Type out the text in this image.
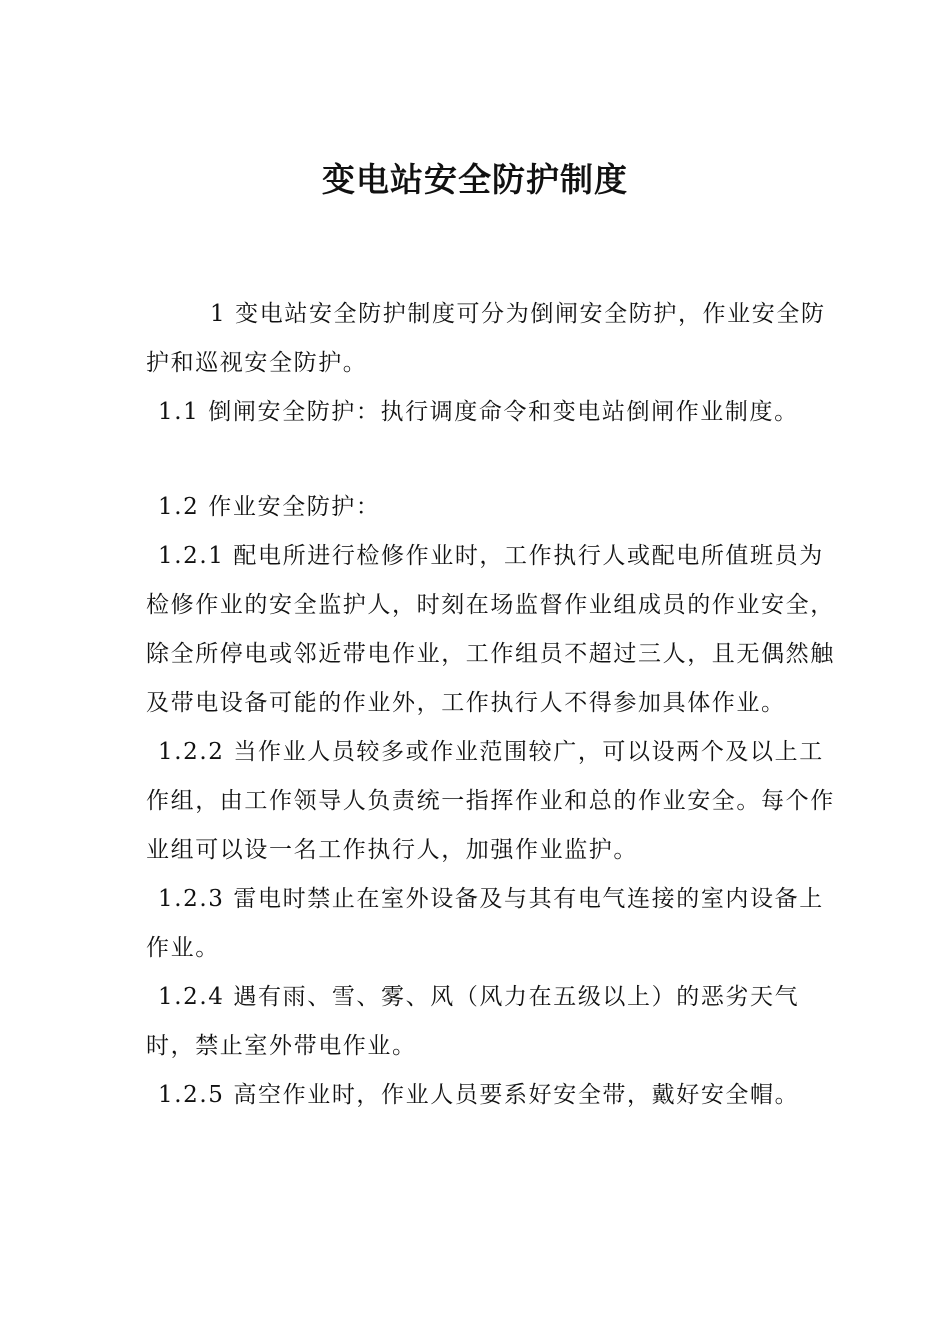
变电站安全防护制度

1 变电站安全防护制度可分为倒闸安全防护，作业安全防护和巡视安全防护。

1.1 倒闸安全防护：执行调度命令和变电站倒闸作业制度。

1.2 作业安全防护：

1.2.1 配电所进行检修作业时，工作执行人或配电所值班员为检修作业的安全监护人，时刻在场监督作业组成员的作业安全，除全所停电或邻近带电作业，工作组员不超过三人，且无偶然触及带电设备可能的作业外，工作执行人不得参加具体作业。

1.2.2 当作业人员较多或作业范围较广，可以设两个及以上工作组，由工作领导人负责统一指挥作业和总的作业安全。每个作业组可以设一名工作执行人，加强作业监护。

1.2.3 雷电时禁止在室外设备及与其有电气连接的室内设备上作业。

1.2.4 遇有雨、雪、雾、风（风力在五级以上）的恶劣天气时，禁止室外带电作业。

1.2.5 高空作业时，作业人员要系好安全带，戴好安全帽。
